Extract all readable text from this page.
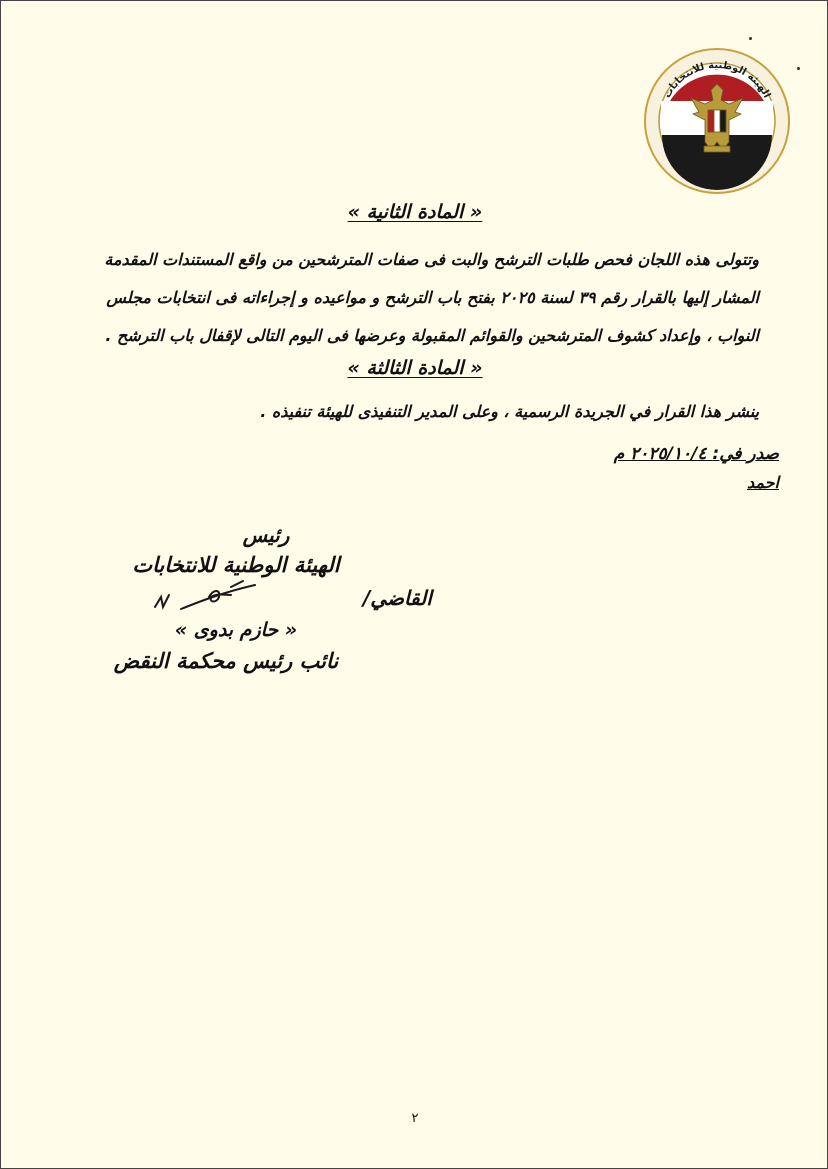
الهيئة الوطنية للانتخابات
National Election Authority
« المادة الثانية »
وتتولى هذه اللجان فحص طلبات الترشح والبت فى صفات المترشحين من واقع المستندات المقدمة
المشار إليها بالقرار رقم ٣٩ لسنة ٢٠٢٥ بفتح باب الترشح و مواعيده و إجراءاته فى انتخابات مجلس
النواب ، وإعداد كشوف المترشحين والقوائم المقبولة وعرضها فى اليوم التالى لإقفال باب الترشح .
« المادة الثالثة »
ينشر هذا القرار في الجريدة الرسمية ، وعلى المدير التنفيذى للهيئة تنفيذه .
صدر في: ٢٠٢٥/١٠/٤ م
احمد
رئيس
الهيئة الوطنية للانتخابات
القاضي/
« حازم بدوى »
نائب رئيس محكمة النقض
٢
